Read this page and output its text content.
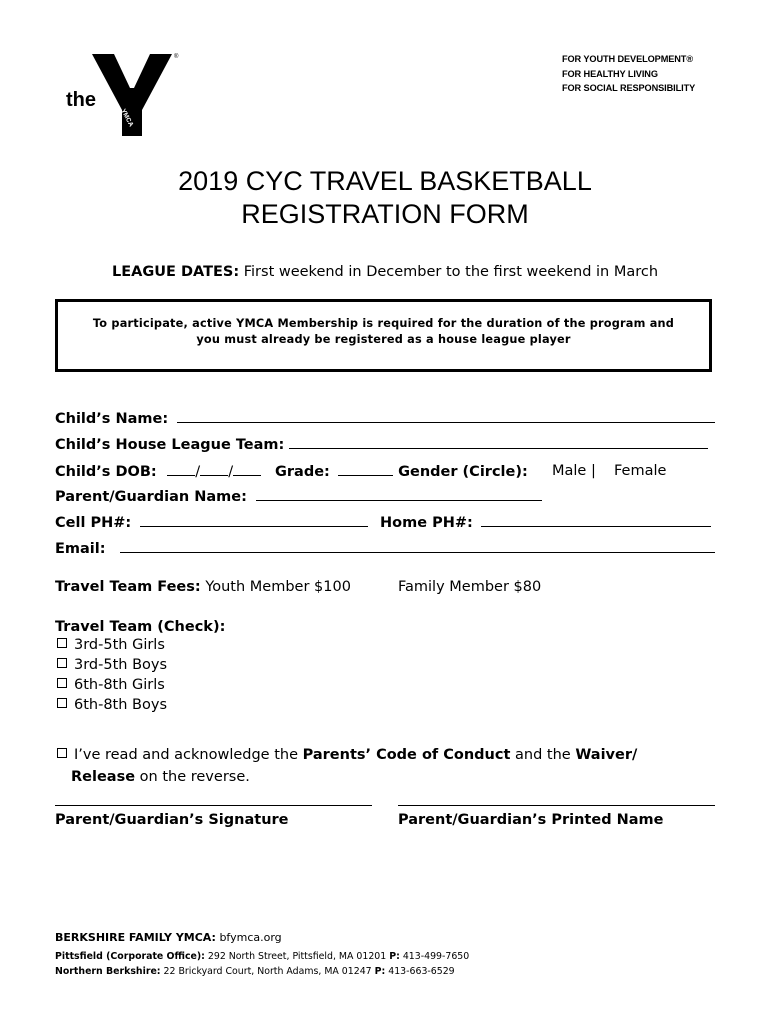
YMCA
®
the
FOR YOUTH DEVELOPMENT®
FOR HEALTHY LIVING
FOR SOCIAL RESPONSIBILITY
2019 CYC TRAVEL BASKETBALL
REGISTRATION FORM
LEAGUE DATES: First weekend in December to the first weekend in March
To participate, active YMCA Membership is required for the duration of the program and
you must already be registered as a house league player
Child’s Name:
Child’s House League Team:
Child’s DOB:	/ /	Grade:	Gender (Circle): Male | Female
Parent/Guardian Name:
Cell PH#:	Home PH#:
Email:
Travel Team Fees: Youth Member $100	Family Member $80
Travel Team (Check):
3rd-5th Girls
3rd-5th Boys
6th-8th Girls
6th-8th Boys
I’ve read and acknowledge the Parents’ Code of Conduct and the Waiver/
Release on the reverse.
Parent/Guardian’s Signature	Parent/Guardian’s Printed Name
BERKSHIRE FAMILY YMCA: bfymca.org
Pittsfield (Corporate Office): 292 North Street, Pittsfield, MA 01201 P: 413-499-7650
Northern Berkshire: 22 Brickyard Court, North Adams, MA 01247 P: 413-663-6529
